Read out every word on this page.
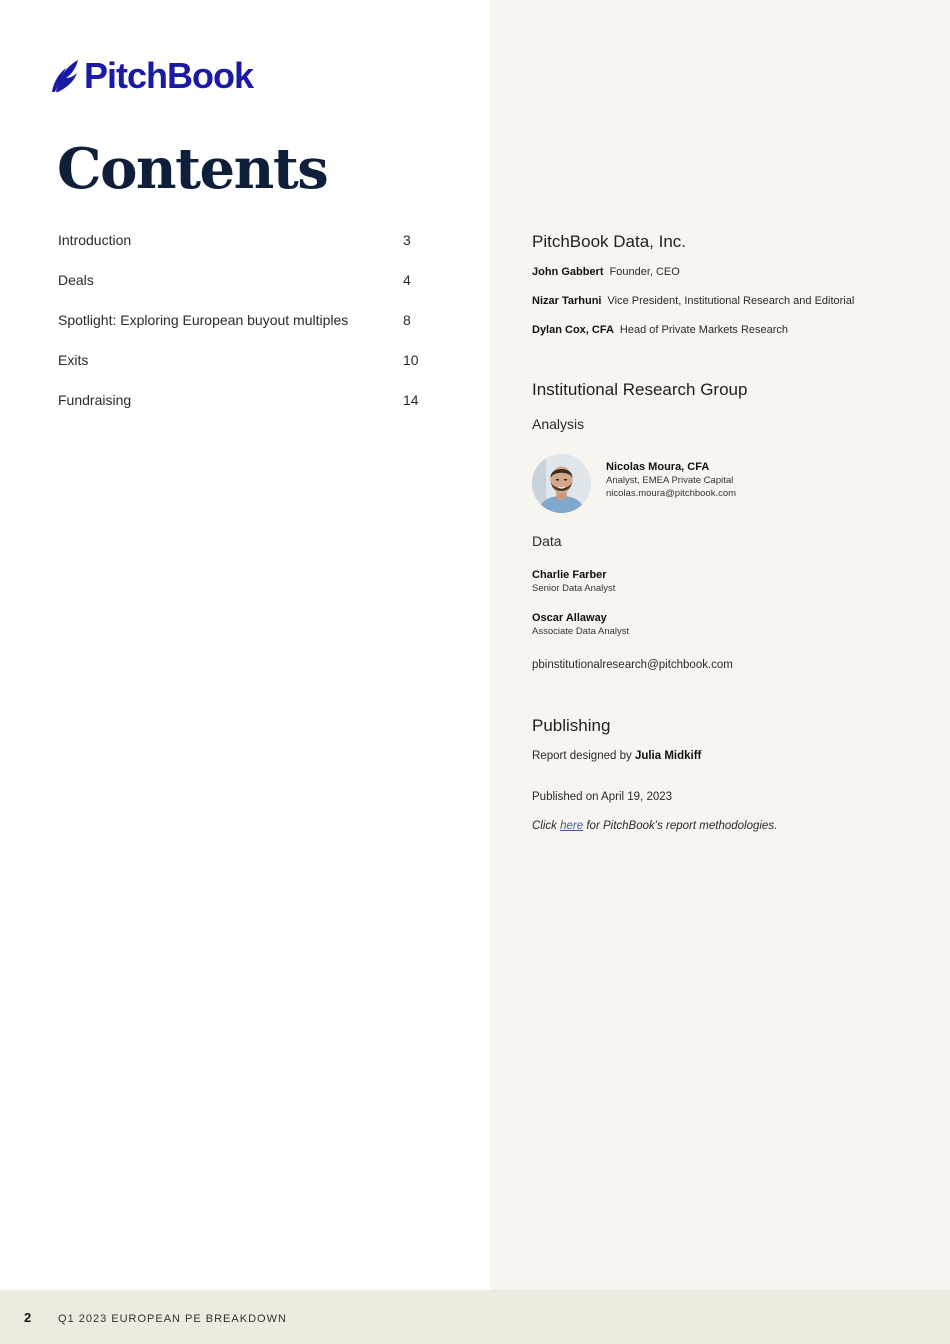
PitchBook
Contents
Introduction	3
Deals	4
Spotlight: Exploring European buyout multiples	8
Exits	10
Fundraising	14
PitchBook Data, Inc.
John Gabbert Founder, CEO
Nizar Tarhuni Vice President, Institutional Research and Editorial
Dylan Cox, CFA Head of Private Markets Research
Institutional Research Group
Analysis
Nicolas Moura, CFA
Analyst, EMEA Private Capital
nicolas.moura@pitchbook.com
Data
Charlie Farber
Senior Data Analyst
Oscar Allaway
Associate Data Analyst
pbinstitutionalresearch@pitchbook.com
Publishing
Report designed by Julia Midkiff
Published on April 19, 2023
Click here for PitchBook’s report methodologies.
2 Q1 2023 EUROPEAN PE BREAKDOWN
